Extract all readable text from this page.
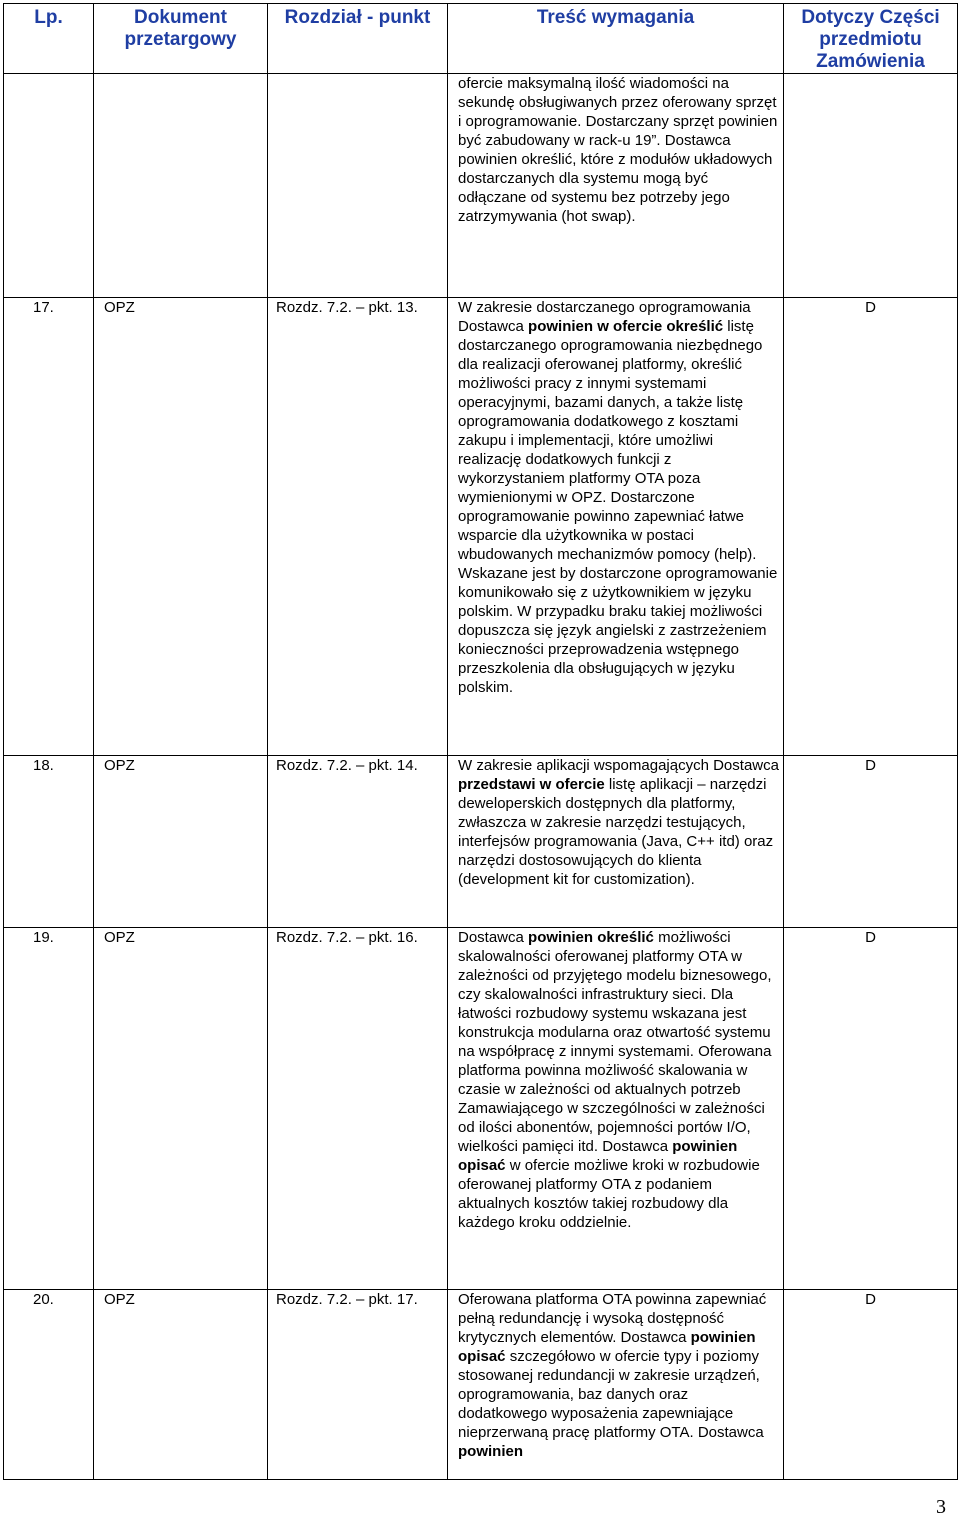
Lp.	Dokument przetargowy	Rozdział - punkt	Treść wymagania	Dotyczy Części przedmiotu Zamówienia
			ofercie maksymalną ilość wiadomości na sekundę obsługiwanych przez oferowany sprzęt i oprogramowanie. Dostarczany sprzęt powinien być zabudowany w rack-u 19”. Dostawca powinien określić, które z modułów układowych dostarczanych dla systemu mogą być odłączane od systemu bez potrzeby jego zatrzymywania (hot swap).	
17.	OPZ	Rozdz. 7.2. – pkt. 13.	W zakresie dostarczanego oprogramowania Dostawca powinien w ofercie określić listę dostarczanego oprogramowania niezbędnego dla realizacji oferowanej platformy, określić możliwości pracy z innymi systemami operacyjnymi, bazami danych, a także listę oprogramowania dodatkowego z kosztami zakupu i implementacji, które umożliwi realizację dodatkowych funkcji z wykorzystaniem platformy OTA poza wymienionymi w OPZ. Dostarczone oprogramowanie powinno zapewniać łatwe wsparcie dla użytkownika w postaci wbudowanych mechanizmów pomocy (help). Wskazane jest by dostarczone oprogramowanie komunikowało się z użytkownikiem w języku polskim. W przypadku braku takiej możliwości dopuszcza się język angielski z zastrzeżeniem konieczności przeprowadzenia wstępnego przeszkolenia dla obsługujących w języku polskim.	D
18.	OPZ	Rozdz. 7.2. – pkt. 14.	W zakresie aplikacji wspomagających Dostawca przedstawi w ofercie listę aplikacji – narzędzi deweloperskich dostępnych dla platformy, zwłaszcza w zakresie narzędzi testujących, interfejsów programowania (Java, C++ itd) oraz narzędzi dostosowujących do klienta (development kit for customization).	D
19.	OPZ	Rozdz. 7.2. – pkt. 16.	Dostawca powinien określić możliwości skalowalności oferowanej platformy OTA w zależności od przyjętego modelu biznesowego, czy skalowalności infrastruktury sieci. Dla łatwości rozbudowy systemu wskazana jest konstrukcja modularna oraz otwartość systemu na współpracę z innymi systemami. Oferowana platforma powinna możliwość skalowania w czasie w zależności od aktualnych potrzeb Zamawiającego w szczególności w zależności od ilości abonentów, pojemności portów I/O, wielkości pamięci itd. Dostawca powinien opisać w ofercie możliwe kroki w rozbudowie oferowanej platformy OTA z podaniem aktualnych kosztów takiej rozbudowy dla każdego kroku oddzielnie.	D
20.	OPZ	Rozdz. 7.2. – pkt. 17.	Oferowana platforma OTA powinna zapewniać pełną redundancję i wysoką dostępność krytycznych elementów. Dostawca powinien opisać szczegółowo w ofercie typy i poziomy stosowanej redundancji w zakresie urządzeń, oprogramowania, baz danych oraz dodatkowego wyposażenia zapewniające nieprzerwaną pracę platformy OTA. Dostawca powinien	D
3
